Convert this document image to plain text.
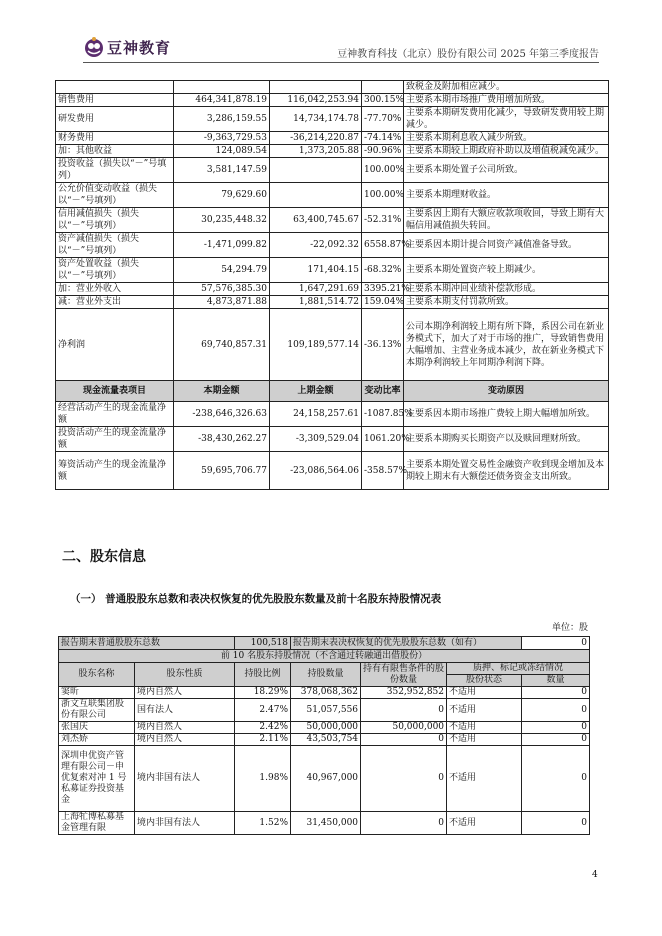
豆神教育	豆神教育科技（北京）股份有限公司 2025 年第三季度报告
				致税金及附加相应减少。
销售费用	464,341,878.19	116,042,253.94	300.15%	主要系本期市场推广费用增加所致。
研发费用	3,286,159.55	14,734,174.78	-77.70%	主要系本期研发费用化减少，导致研发费用较上期减少。
财务费用	-9,363,729.53	-36,214,220.87	-74.14%	主要系本期利息收入减少所致。
加：其他收益	124,089.54	1,373,205.88	-90.96%	主要系本期较上期政府补助以及增值税减免减少。
投资收益（损失以“－”号填列）	3,581,147.59		100.00%	主要系本期处置子公司所致。
公允价值变动收益（损失以“－”号填列）	79,629.60		100.00%	主要系本期理财收益。
信用减值损失（损失以“－”号填列）	30,235,448.32	63,400,745.67	-52.31%	主要系因上期有大额应收款项收回，导致上期有大幅信用减值损失转回。
资产减值损失（损失以“－”号填列）	-1,471,099.82	-22,092.32	6558.87%	主要系因本期计提合同资产减值准备导致。
资产处置收益（损失以“－”号填列）	54,294.79	171,404.15	-68.32%	主要系本期处置资产较上期减少。
加：营业外收入	57,576,385.30	1,647,291.69	3395.21%	主要系本期冲回业绩补偿款形成。
减：营业外支出	4,873,871.88	1,881,514.72	159.04%	主要系本期支付罚款所致。
净利润	69,740,857.31	109,189,577.14	-36.13%	公司本期净利润较上期有所下降，系因公司在新业务模式下，加大了对于市场的推广，导致销售费用大幅增加、主营业务成本减少，故在新业务模式下本期净利润较上年同期净利润下降。
现金流量表项目	本期金额	上期金额	变动比率	变动原因
经营活动产生的现金流量净额	-238,646,326.63	24,158,257.61	-1087.85%	主要系因本期市场推广费较上期大幅增加所致。
投资活动产生的现金流量净额	-38,430,262.27	-3,309,529.04	1061.20%	主要系本期购买长期资产以及赎回理财所致。
筹资活动产生的现金流量净额	59,695,706.77	-23,086,564.06	-358.57%	主要系本期处置交易性金融资产收到现金增加及本期较上期末有大额偿还债务资金支出所致。
二、股东信息
（一） 普通股股东总数和表决权恢复的优先股股东数量及前十名股东持股情况表
单位：股
报告期末普通股股东总数		100,518	报告期末表决权恢复的优先股股东总数（如有）			0
前 10 名股东持股情况（不含通过转融通出借股份）						
股东名称	股东性质	持股比例	持股数量	持有有限售条件的股份数量	质押、标记或冻结情况	
					股份状态	数量
窦昕	境内自然人	18.29%	378,068,362	352,952,852	不适用	0
浙文互联集团股份有限公司	国有法人	2.47%	51,057,556	0	不适用	0
张国庆	境内自然人	2.42%	50,000,000	50,000,000	不适用	0
刘杰娇	境内自然人	2.11%	43,503,754	0	不适用	0
深圳申优资产管理有限公司－申优复索对冲 1 号私募证券投资基金	境内非国有法人	1.98%	40,967,000	0	不适用	0
上海牤博私募基金管理有限	境内非国有法人	1.52%	31,450,000	0	不适用	0
4
